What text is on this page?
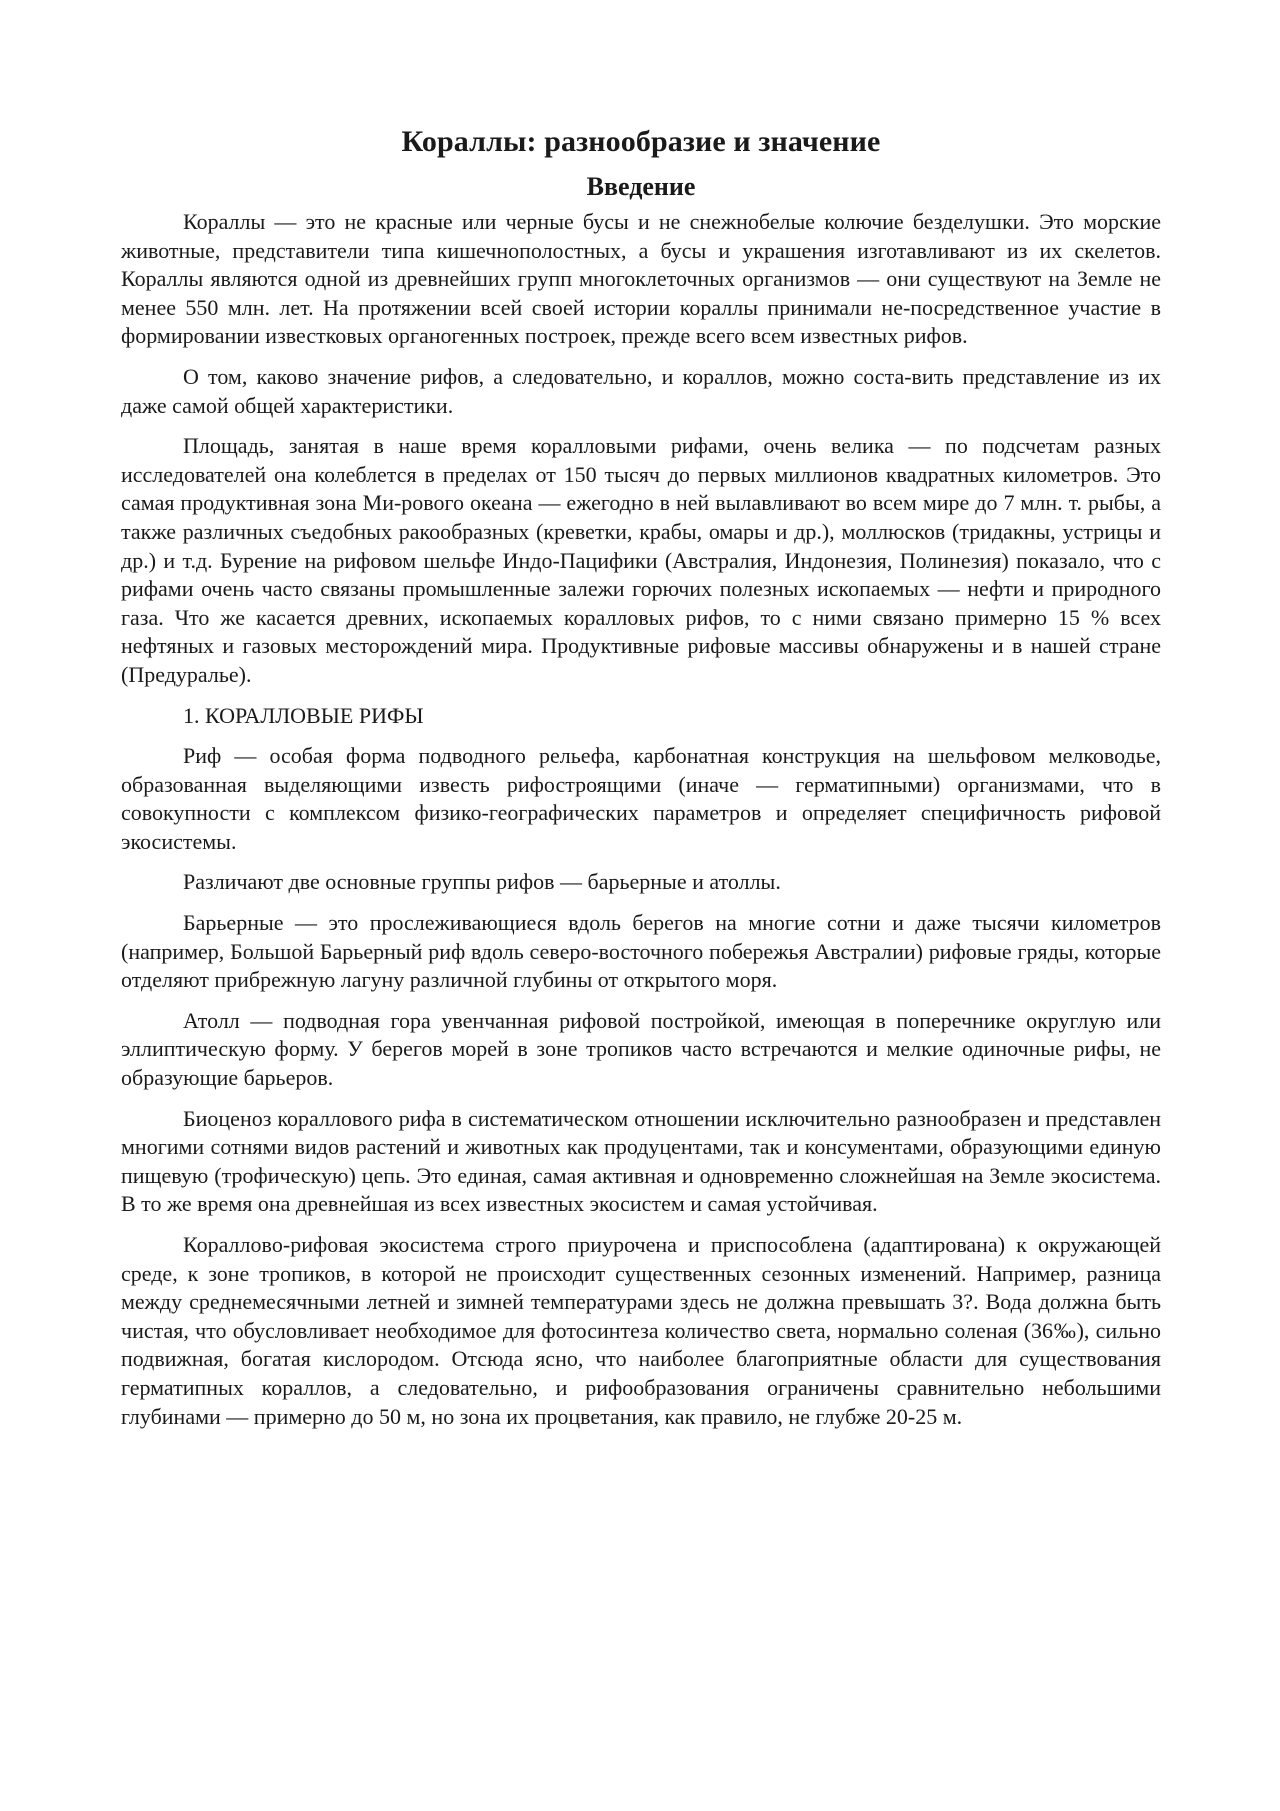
Кораллы: разнообразие и значение
Введение

Кораллы — это не красные или черные бусы и не снежнобелые колючие безделушки. Это морские животные, представители типа кишечнополостных, а бусы и украшения изготавливают из их скелетов. Кораллы являются одной из древнейших групп многоклеточных организмов — они существуют на Земле не менее 550 млн. лет. На протяжении всей своей истории кораллы принимали не-посредственное участие в формировании известковых органогенных построек, прежде всего всем известных рифов.

О том, каково значение рифов, а следовательно, и кораллов, можно соста-вить представление из их даже самой общей характеристики.

Площадь, занятая в наше время коралловыми рифами, очень велика — по подсчетам разных исследователей она колеблется в пределах от 150 тысяч до первых миллионов квадратных километров. Это самая продуктивная зона Ми-рового океана — ежегодно в ней вылавливают во всем мире до 7 млн. т. рыбы, а также различных съедобных ракообразных (креветки, крабы, омары и др.), моллюсков (тридакны, устрицы и др.) и т.д. Бурение на рифовом шельфе Индо-Пацифики (Австралия, Индонезия, Полинезия) показало, что с рифами очень часто связаны промышленные залежи горючих полезных ископаемых — нефти и природного газа. Что же касается древних, ископаемых коралловых рифов, то с ними связано примерно 15 % всех нефтяных и газовых месторождений мира. Продуктивные рифовые массивы обнаружены и в нашей стране (Предуралье).

1. КОРАЛЛОВЫЕ РИФЫ

Риф — особая форма подводного рельефа, карбонатная конструкция на шельфовом мелководье, образованная выделяющими известь рифостроящими (иначе — герматипными) организмами, что в совокупности с комплексом физико-географических параметров и определяет специфичность рифовой экосистемы.

Различают две основные группы рифов — барьерные и атоллы.

Барьерные — это прослеживающиеся вдоль берегов на многие сотни и даже тысячи километров (например, Большой Барьерный риф вдоль северо-восточного побережья Австралии) рифовые гряды, которые отделяют прибрежную лагуну различной глубины от открытого моря.

Атолл — подводная гора увенчанная рифовой постройкой, имеющая в поперечнике округлую или эллиптическую форму. У берегов морей в зоне тропиков часто встречаются и мелкие одиночные рифы, не образующие барьеров.

Биоценоз кораллового рифа в систематическом отношении исключительно разнообразен и представлен многими сотнями видов растений и животных как продуцентами, так и консументами, образующими единую пищевую (трофическую) цепь. Это единая, самая активная и одновременно сложнейшая на Земле экосистема. В то же время она древнейшая из всех известных экосистем и самая устойчивая.

Коралловo-рифовая экосистема строго приурочена и приспособлена (адаптирована) к окружающей среде, к зоне тропиков, в которой не происходит существенных сезонных изменений. Например, разница между среднемесячными летней и зимней температурами здесь не должна превышать 3?. Вода должна быть чистая, что обусловливает необходимое для фотосинтеза количество света, нормально соленая (36‰), сильно подвижная, богатая кислородом. Отсюда ясно, что наиболее благоприятные области для существования герматипных кораллов, а следовательно, и рифообразования ограничены сравнительно небольшими глубинами — примерно до 50 м, но зона их процветания, как правило, не глубже 20-25 м.
